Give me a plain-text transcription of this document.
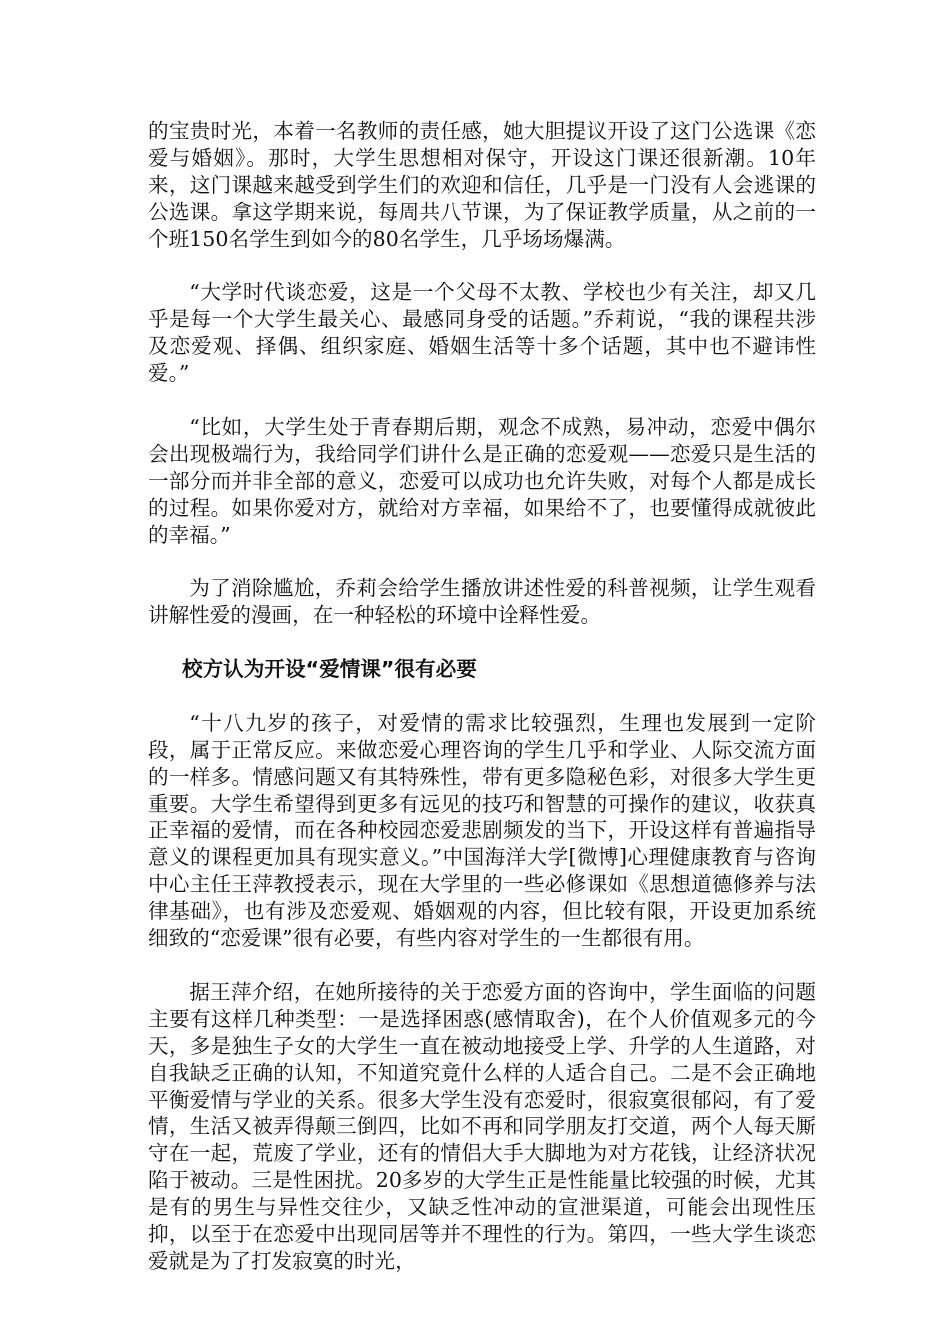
的宝贵时光，本着一名教师的责任感，她大胆提议开设了这门公选课《恋爱与婚姻》。那时，大学生思想相对保守，开设这门课还很新潮。10年来，这门课越来越受到学生们的欢迎和信任，几乎是一门没有人会逃课的公选课。拿这学期来说，每周共八节课，为了保证教学质量，从之前的一个班150名学生到如今的80名学生，几乎场场爆满。

“大学时代谈恋爱，这是一个父母不太教、学校也少有关注，却又几乎是每一个大学生最关心、最感同身受的话题。”乔莉说，“我的课程共涉及恋爱观、择偶、组织家庭、婚姻生活等十多个话题，其中也不避讳性爱。”

“比如，大学生处于青春期后期，观念不成熟，易冲动，恋爱中偶尔会出现极端行为，我给同学们讲什么是正确的恋爱观——恋爱只是生活的一部分而并非全部的意义，恋爱可以成功也允许失败，对每个人都是成长的过程。如果你爱对方，就给对方幸福，如果给不了，也要懂得成就彼此的幸福。”

为了消除尴尬，乔莉会给学生播放讲述性爱的科普视频，让学生观看讲解性爱的漫画，在一种轻松的环境中诠释性爱。

校方认为开设“爱情课”很有必要

“十八九岁的孩子，对爱情的需求比较强烈，生理也发展到一定阶段，属于正常反应。来做恋爱心理咨询的学生几乎和学业、人际交流方面的一样多。情感问题又有其特殊性，带有更多隐秘色彩，对很多大学生更重要。大学生希望得到更多有远见的技巧和智慧的可操作的建议，收获真正幸福的爱情，而在各种校园恋爱悲剧频发的当下，开设这样有普遍指导意义的课程更加具有现实意义。”中国海洋大学[微博]心理健康教育与咨询中心主任王萍教授表示，现在大学里的一些必修课如《思想道德修养与法律基础》，也有涉及恋爱观、婚姻观的内容，但比较有限，开设更加系统细致的“恋爱课”很有必要，有些内容对学生的一生都很有用。

据王萍介绍，在她所接待的关于恋爱方面的咨询中，学生面临的问题主要有这样几种类型：一是选择困惑(感情取舍)，在个人价值观多元的今天，多是独生子女的大学生一直在被动地接受上学、升学的人生道路，对自我缺乏正确的认知，不知道究竟什么样的人适合自己。二是不会正确地平衡爱情与学业的关系。很多大学生没有恋爱时，很寂寞很郁闷，有了爱情，生活又被弄得颠三倒四，比如不再和同学朋友打交道，两个人每天厮守在一起，荒废了学业，还有的情侣大手大脚地为对方花钱，让经济状况陷于被动。三是性困扰。20多岁的大学生正是性能量比较强的时候，尤其是有的男生与异性交往少，又缺乏性冲动的宣泄渠道，可能会出现性压抑，以至于在恋爱中出现同居等并不理性的行为。第四，一些大学生谈恋爱就是为了打发寂寞的时光，
